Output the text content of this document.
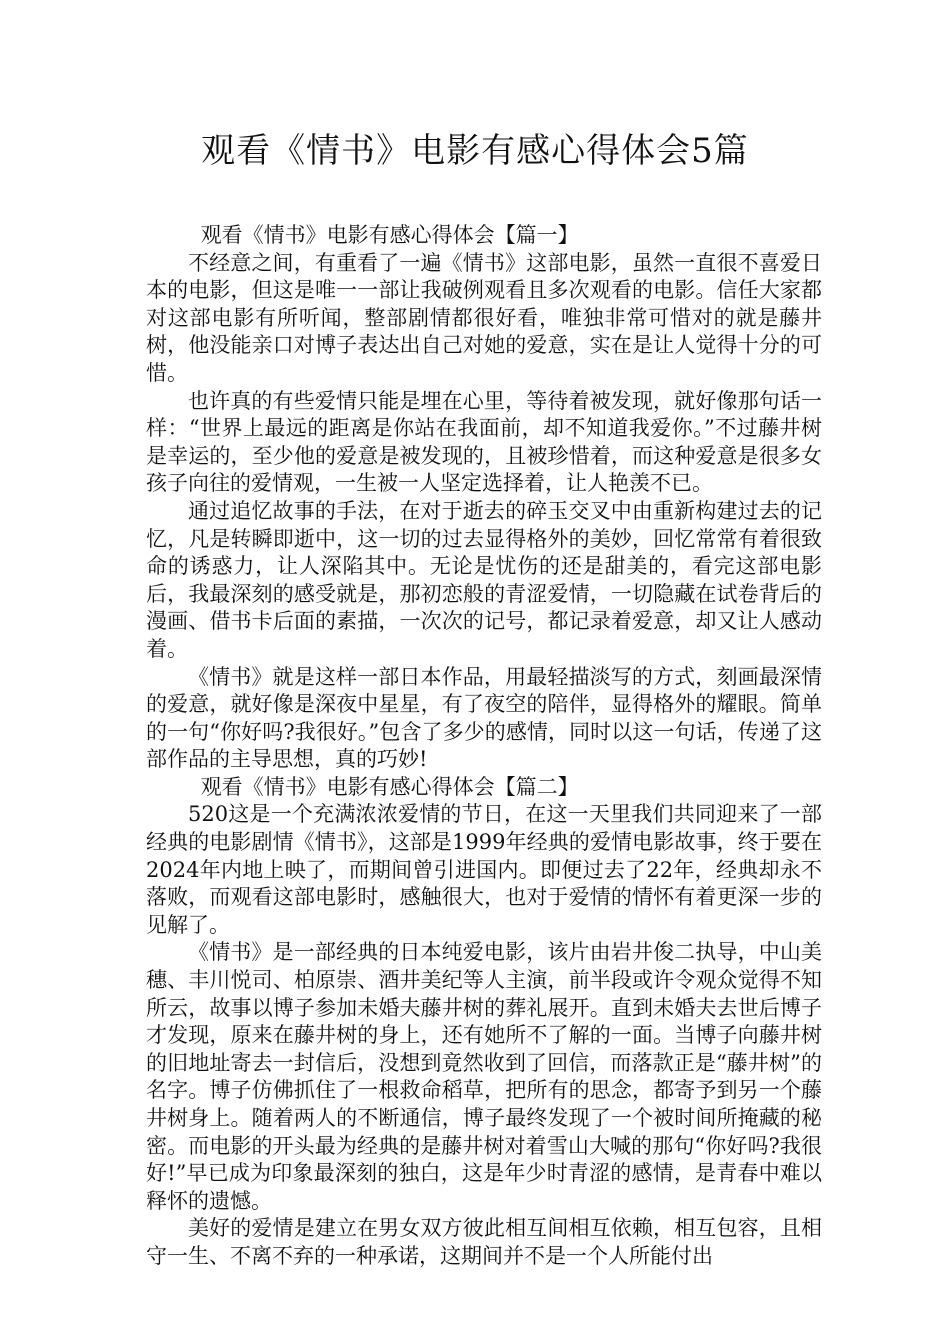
观看《情书》电影有感心得体会5篇

观看《情书》电影有感心得体会【篇一】

不经意之间，有重看了一遍《情书》这部电影，虽然一直很不喜爱日本的电影，但这是唯一一部让我破例观看且多次观看的电影。信任大家都对这部电影有所听闻，整部剧情都很好看，唯独非常可惜对的就是藤井树，他没能亲口对博子表达出自己对她的爱意，实在是让人觉得十分的可惜。

也许真的有些爱情只能是埋在心里，等待着被发现，就好像那句话一样：“世界上最远的距离是你站在我面前，却不知道我爱你。”不过藤井树是幸运的，至少他的爱意是被发现的，且被珍惜着，而这种爱意是很多女孩子向往的爱情观，一生被一人坚定选择着，让人艳羡不已。

通过追忆故事的手法，在对于逝去的碎玉交叉中由重新构建过去的记忆，凡是转瞬即逝中，这一切的过去显得格外的美妙，回忆常常有着很致命的诱惑力，让人深陷其中。无论是忧伤的还是甜美的，看完这部电影后，我最深刻的感受就是，那初恋般的青涩爱情，一切隐藏在试卷背后的漫画、借书卡后面的素描，一次次的记号，都记录着爱意，却又让人感动着。

《情书》就是这样一部日本作品，用最轻描淡写的方式，刻画最深情的爱意，就好像是深夜中星星，有了夜空的陪伴，显得格外的耀眼。简单的一句“你好吗?我很好。”包含了多少的感情，同时以这一句话，传递了这部作品的主导思想，真的巧妙!

观看《情书》电影有感心得体会【篇二】

520这是一个充满浓浓爱情的节日，在这一天里我们共同迎来了一部经典的电影剧情《情书》，这部是1999年经典的爱情电影故事，终于要在2024年内地上映了，而期间曾引进国内。即便过去了22年，经典却永不落败，而观看这部电影时，感触很大，也对于爱情的情怀有着更深一步的见解了。

《情书》是一部经典的日本纯爱电影，该片由岩井俊二执导，中山美穗、丰川悦司、柏原崇、酒井美纪等人主演，前半段或许令观众觉得不知所云，故事以博子参加未婚夫藤井树的葬礼展开。直到未婚夫去世后博子才发现，原来在藤井树的身上，还有她所不了解的一面。当博子向藤井树的旧地址寄去一封信后，没想到竟然收到了回信，而落款正是“藤井树”的名字。博子仿佛抓住了一根救命稻草，把所有的思念，都寄予到另一个藤井树身上。随着两人的不断通信，博子最终发现了一个被时间所掩藏的秘密。而电影的开头最为经典的是藤井树对着雪山大喊的那句“你好吗?我很好!”早已成为印象最深刻的独白，这是年少时青涩的感情，是青春中难以释怀的遗憾。

美好的爱情是建立在男女双方彼此相互间相互依赖，相互包容，且相守一生、不离不弃的一种承诺，这期间并不是一个人所能付出
